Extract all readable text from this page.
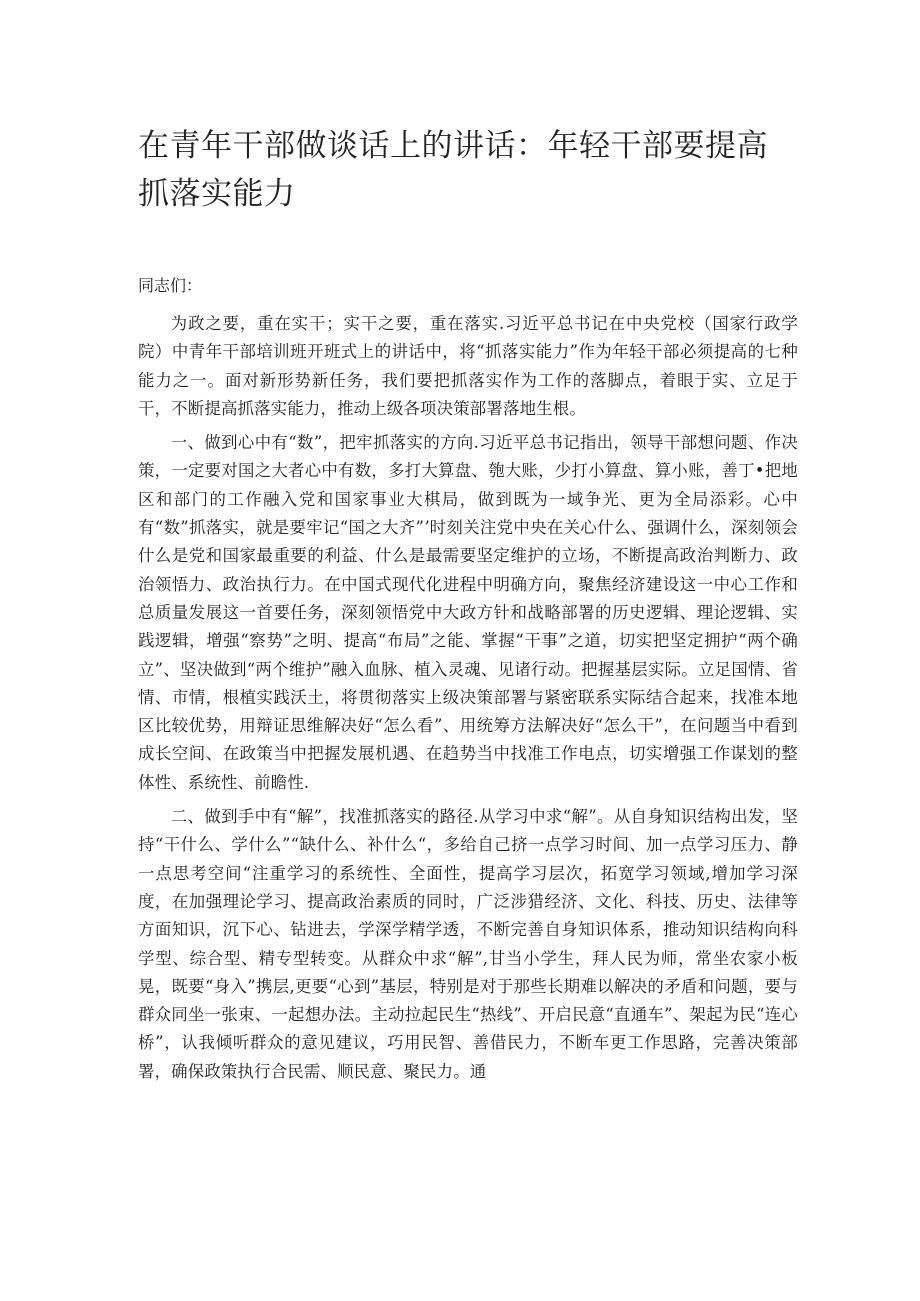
在青年干部做谈话上的讲话：年轻干部要提高抓落实能力

同志们：

为政之要，重在实干；实干之要，重在落实.习近平总书记在中央党校（国家行政学院）中青年干部培训班开班式上的讲话中，将“抓落实能力”作为年轻干部必须提高的七种能力之一。面对新形势新任务，我们要把抓落实作为工作的落脚点，着眼于实、立足于干，不断提高抓落实能力，推动上级各项决策部署落地生根。

一、做到心中有“数”，把牢抓落实的方向.习近平总书记指出，领导干部想问题、作决策，一定要对国之大者心中有数，多打大算盘、匏大账，少打小算盘、算小账，善丁•把地区和部门的工作融入党和国家事业大棋局，做到既为一域争光、更为全局添彩。心中有“数”抓落实，就是要牢记“国之大齐”ʼ时刻关注党中央在关心什么、强调什么，深刻领会什么是党和国家最重要的利益、什么是最需要坚定维护的立场，不断提高政治判断力、政治领悟力、政治执行力。在中国式现代化进程中明确方向，聚焦经济建设这一中心工作和总质量发展这一首要任务，深刻领悟党中大政方针和战略部署的历史逻辑、理论逻辑、实践逻辑，增强“察势”之明、提高“布局”之能、掌握“干事”之道，切实把坚定拥护“两个确立”、坚决做到“两个维护”融入血脉、植入灵魂、见诸行动。把握基层实际。立足国情、省情、市情，根植实践沃土，将贯彻落实上级决策部署与紧密联系实际结合起来，找准本地区比较优势，用辩证思维解决好“怎么看”、用统筹方法解决好“怎么干”，在问题当中看到成长空间、在政策当中把握发展机遇、在趋势当中找准工作电点，切实增强工作谋划的整体性、系统性、前瞻性.

二、做到手中有“解”，找准抓落实的路径.从学习中求“解”。从自身知识结构出发，坚持“干什么、学什么”“缺什么、补什么“，多给自己挤一点学习时间、加一点学习压力、静一点思考空间“注重学习的系统性、全面性，提高学习层次，拓宽学习领域,增加学习深度，在加强理论学习、提高政治素质的同时，广泛涉猎经济、文化、科技、历史、法律等方面知识，沉下心、钻进去，学深学精学透，不断完善自身知识体系，推动知识结构向科学型、综合型、精专型转变。从群众中求“解”,甘当小学生，拜人民为师，常坐农家小板晃，既要“身入”携层,更要“心到”基层，特别是对于那些长期难以解决的矛盾和问题，要与群众同坐一张束、一起想办法。主动拉起民生“热线”、开启民意“直通车”、架起为民“连心桥”，认我倾听群众的意见建议，巧用民智、善借民力，不断车更工作思路，完善决策部署，确保政策执行合民需、顺民意、聚民力。通
